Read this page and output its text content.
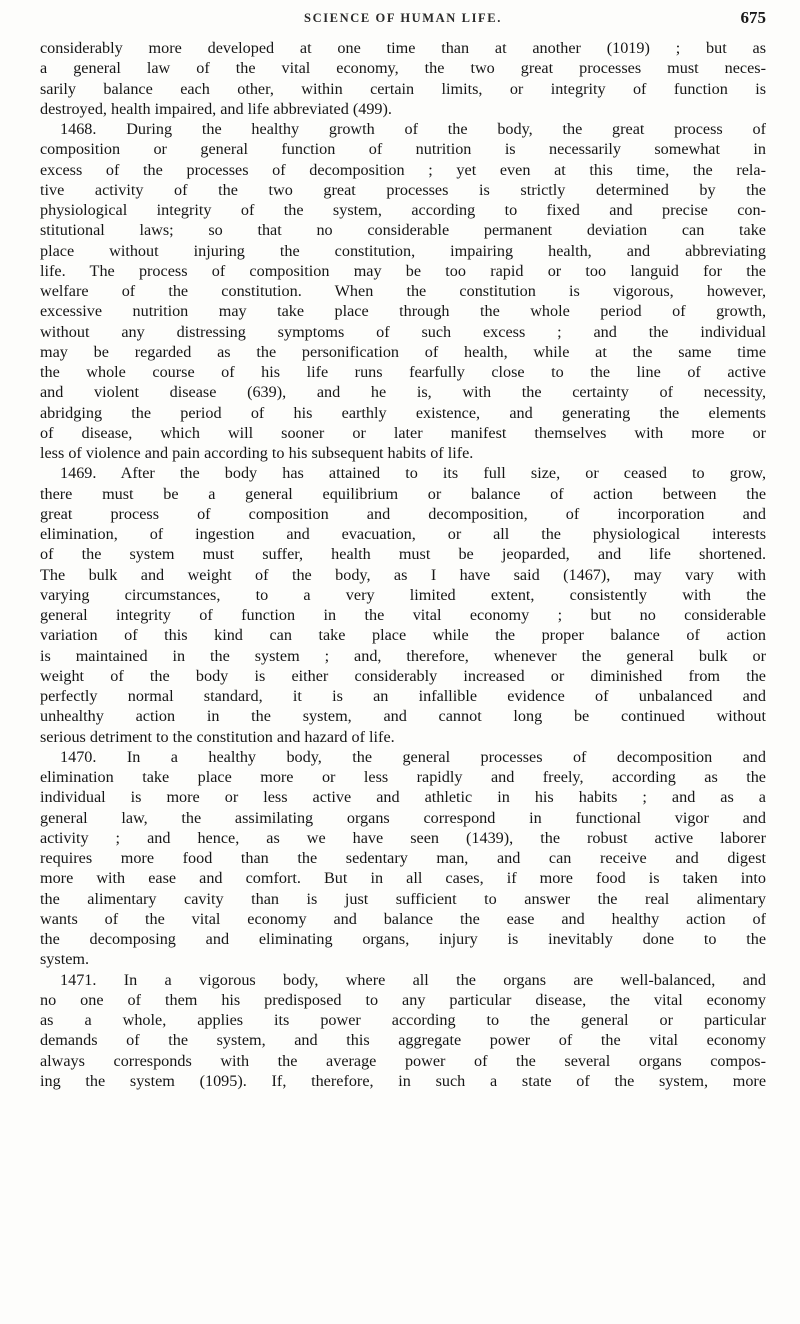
SCIENCE OF HUMAN LIFE.	675
considerably more developed at one time than at another (1019) ; but as
a general law of the vital economy, the two great processes must neces-
sarily balance each other, within certain limits, or integrity of function is
destroyed, health impaired, and life abbreviated (499).
1468. During the healthy growth of the body, the great process of
composition or general function of nutrition is necessarily somewhat in
excess of the processes of decomposition ; yet even at this time, the rela-
tive activity of the two great processes is strictly determined by the
physiological integrity of the system, according to fixed and precise con-
stitutional laws; so that no considerable permanent deviation can take
place without injuring the constitution, impairing health, and abbreviating
life. The process of composition may be too rapid or too languid for the
welfare of the constitution. When the constitution is vigorous, however,
excessive nutrition may take place through the whole period of growth,
without any distressing symptoms of such excess ; and the individual
may be regarded as the personification of health, while at the same time
the whole course of his life runs fearfully close to the line of active
and violent disease (639), and he is, with the certainty of necessity,
abridging the period of his earthly existence, and generating the elements
of disease, which will sooner or later manifest themselves with more or
less of violence and pain according to his subsequent habits of life.
1469. After the body has attained to its full size, or ceased to grow,
there must be a general equilibrium or balance of action between the
great process of composition and decomposition, of incorporation and
elimination, of ingestion and evacuation, or all the physiological interests
of the system must suffer, health must be jeoparded, and life shortened.
The bulk and weight of the body, as I have said (1467), may vary with
varying circumstances, to a very limited extent, consistently with the
general integrity of function in the vital economy ; but no considerable
variation of this kind can take place while the proper balance of action
is maintained in the system ; and, therefore, whenever the general bulk or
weight of the body is either considerably increased or diminished from the
perfectly normal standard, it is an infallible evidence of unbalanced and
unhealthy action in the system, and cannot long be continued without
serious detriment to the constitution and hazard of life.
1470. In a healthy body, the general processes of decomposition and
elimination take place more or less rapidly and freely, according as the
individual is more or less active and athletic in his habits ; and as a
general law, the assimilating organs correspond in functional vigor and
activity ; and hence, as we have seen (1439), the robust active laborer
requires more food than the sedentary man, and can receive and digest
more with ease and comfort. But in all cases, if more food is taken into
the alimentary cavity than is just sufficient to answer the real alimentary
wants of the vital economy and balance the ease and healthy action of
the decomposing and eliminating organs, injury is inevitably done to the
system.
1471. In a vigorous body, where all the organs are well-balanced, and
no one of them his predisposed to any particular disease, the vital economy
as a whole, applies its power according to the general or particular
demands of the system, and this aggregate power of the vital economy
always corresponds with the average power of the several organs compos-
ing the system (1095). If, therefore, in such a state of the system, more
